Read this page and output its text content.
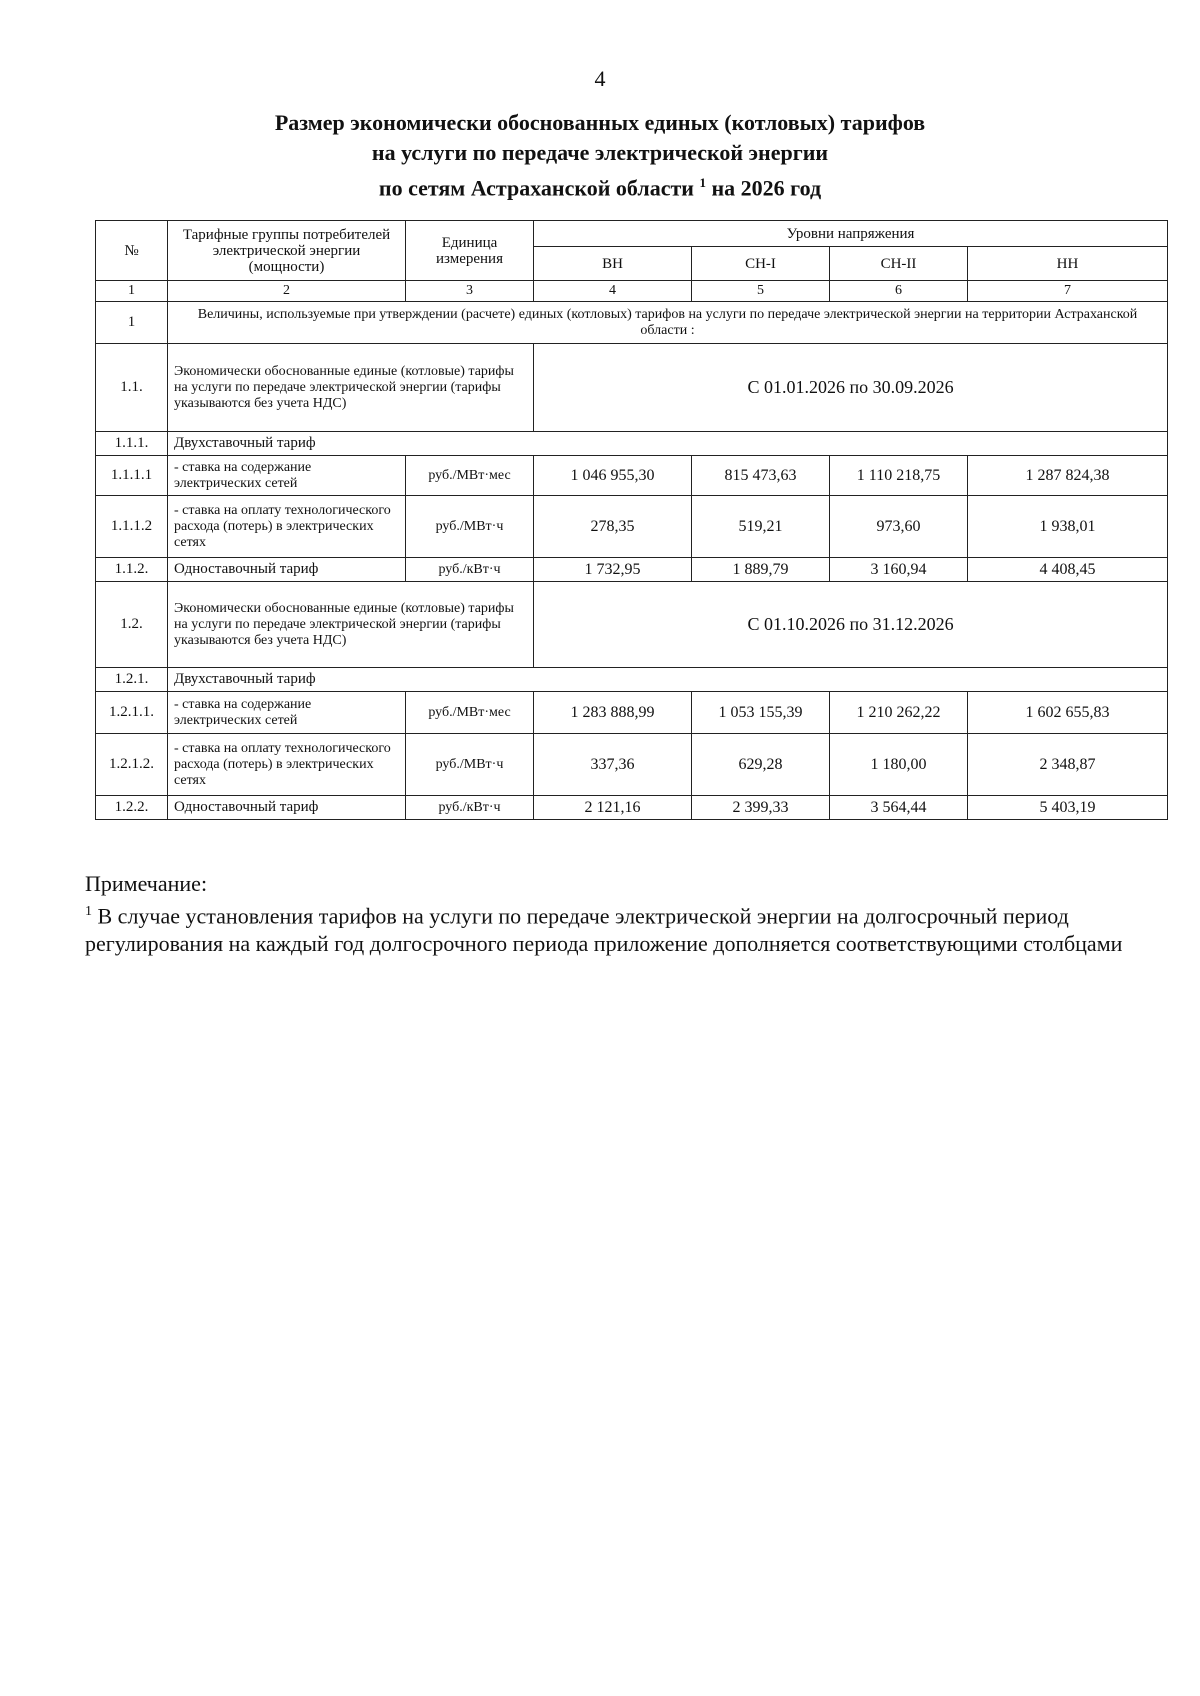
4
Размер экономически обоснованных единых (котловых) тарифов
на услуги по передаче электрической энергии
по сетям Астраханской области $^1$ на 2026 год
№	Тарифные группы потребителей электрической энергии (мощности)	Единица измерения	Уровни напряжения			
			ВН	СН-I	СН-II	НН
1	2	3	4	5	6	7
1	Величины, используемые при утверждении (расчете) единых (котловых) тарифов на услуги по передаче электрической энергии на территории Астраханской области :					
1.1.	Экономически обоснованные единые (котловые) тарифы на услуги по передаче электрической энергии (тарифы указываются без учета НДС)		С 01.01.2026 по 30.09.2026			
1.1.1.	Двухставочный тариф					
1.1.1.1	- ставка на содержание электрических сетей	руб./МВт·мес	1 046 955,30	815 473,63	1 110 218,75	1 287 824,38
1.1.1.2	- ставка на оплату технологического расхода (потерь) в электрических сетях	руб./МВт·ч	278,35	519,21	973,60	1 938,01
1.1.2.	Одноставочный тариф	руб./кВт·ч	1 732,95	1 889,79	3 160,94	4 408,45
1.2.	Экономически обоснованные единые (котловые) тарифы на услуги по передаче электрической энергии (тарифы указываются без учета НДС)		С 01.10.2026 по 31.12.2026			
1.2.1.	Двухставочный тариф					
1.2.1.1.	- ставка на содержание электрических сетей	руб./МВт·мес	1 283 888,99	1 053 155,39	1 210 262,22	1 602 655,83
1.2.1.2.	- ставка на оплату технологического расхода (потерь) в электрических сетях	руб./МВт·ч	337,36	629,28	1 180,00	2 348,87
1.2.2.	Одноставочный тариф	руб./кВт·ч	2 121,16	2 399,33	3 564,44	5 403,19
Примечание:
$^1$ В случае установления тарифов на услуги по передаче электрической энергии на долгосрочный период регулирования на каждый год долгосрочного периода приложение дополняется соответствующими столбцами
